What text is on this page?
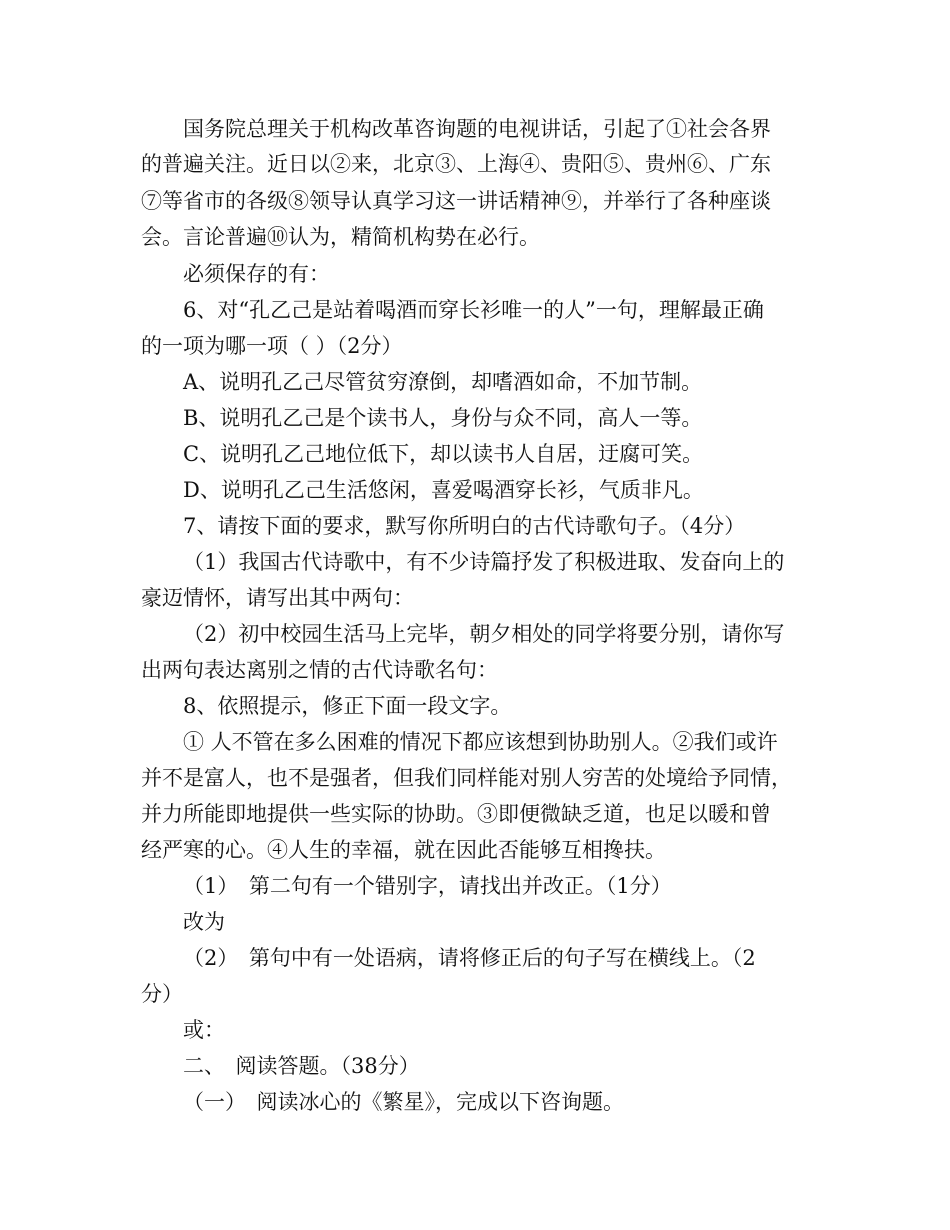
国务院总理关于机构改革咨询题的电视讲话，引起了①社会各界
的普遍关注。近日以②来，北京③、上海④、贵阳⑤、贵州⑥、广东
⑦等省市的各级⑧领导认真学习这一讲话精神⑨，并举行了各种座谈
会。言论普遍⑩认为，精简机构势在必行。
必须保存的有：
6、对“孔乙己是站着喝酒而穿长衫唯一的人”一句，理解最正确
的一项为哪一项（ ）（2分）
A、说明孔乙己尽管贫穷潦倒，却嗜酒如命，不加节制。
B、说明孔乙己是个读书人，身份与众不同，高人一等。
C、说明孔乙己地位低下，却以读书人自居，迂腐可笑。
D、说明孔乙己生活悠闲，喜爱喝酒穿长衫，气质非凡。
7、请按下面的要求，默写你所明白的古代诗歌句子。（4分）
（1）我国古代诗歌中，有不少诗篇抒发了积极进取、发奋向上的
豪迈情怀，请写出其中两句：
（2）初中校园生活马上完毕，朝夕相处的同学将要分别，请你写
出两句表达离别之情的古代诗歌名句：
8、依照提示，修正下面一段文字。
① 人不管在多么困难的情况下都应该想到协助别人。②我们或许
并不是富人，也不是强者，但我们同样能对别人穷苦的处境给予同情，
并力所能即地提供一些实际的协助。③即便微缺乏道，也足以暖和曾
经严寒的心。④人生的幸福，就在因此否能够互相搀扶。
（1）　第二句有一个错别字，请找出并改正。（1分）
改为
（2）　第句中有一处语病，请将修正后的句子写在横线上。（2
分）
或：
二、　阅读答题。（38分）
（一）　阅读冰心的《繁星》，完成以下咨询题。
